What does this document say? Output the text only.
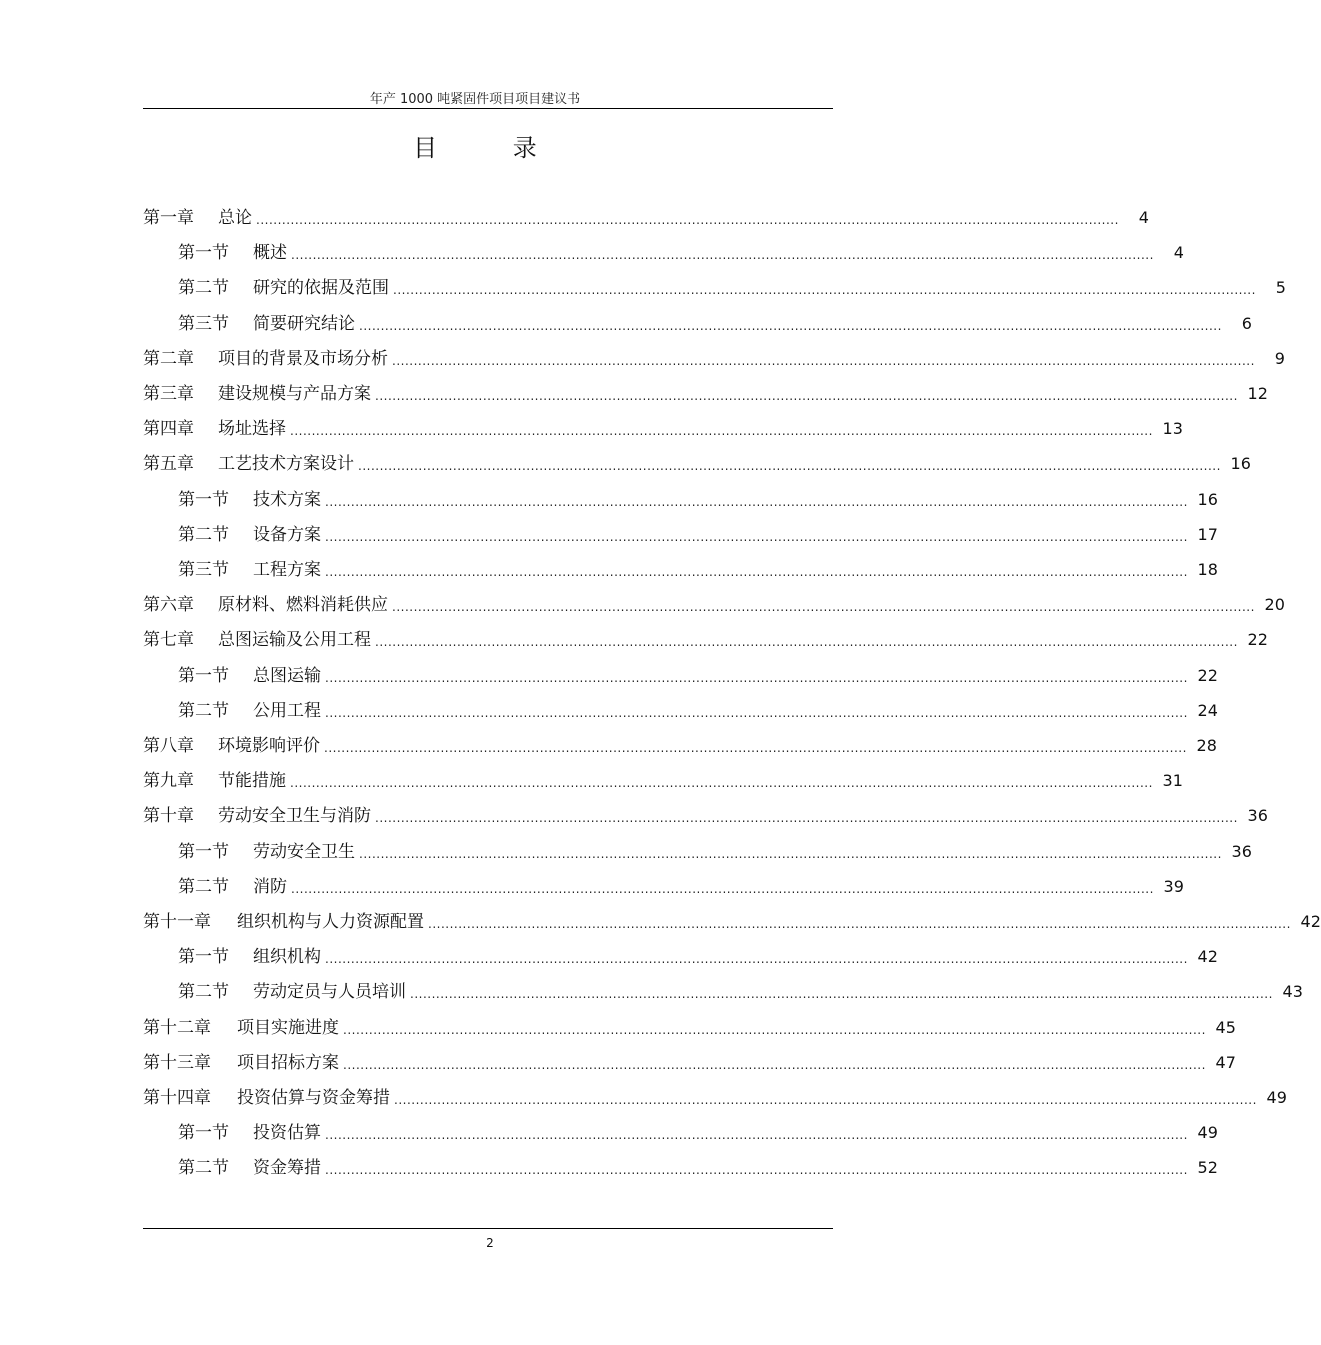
年产 1000 吨紧固件项目项目建议书
目 录
第一章 总论 ........................................................................................................................................................................................................	4
第一节 概述 ........................................................................................................................................................................................................	4
第二节 研究的依据及范围 ........................................................................................................................................................................................................	5
第三节 简要研究结论 ........................................................................................................................................................................................................	6
第二章 项目的背景及市场分析 ........................................................................................................................................................................................................	9
第三章 建设规模与产品方案 ........................................................................................................................................................................................................ 12
第四章 场址选择 ........................................................................................................................................................................................................ 13
第五章 工艺技术方案设计 ........................................................................................................................................................................................................ 16
第一节 技术方案 ........................................................................................................................................................................................................ 16
第二节 设备方案 ........................................................................................................................................................................................................ 17
第三节 工程方案 ........................................................................................................................................................................................................ 18
第六章 原材料、燃料消耗供应 ........................................................................................................................................................................................................ 20
第七章 总图运输及公用工程 ........................................................................................................................................................................................................ 22
第一节 总图运输 ........................................................................................................................................................................................................ 22
第二节 公用工程 ........................................................................................................................................................................................................ 24
第八章 环境影响评价 ........................................................................................................................................................................................................ 28
第九章 节能措施 ........................................................................................................................................................................................................ 31
第十章 劳动安全卫生与消防 ........................................................................................................................................................................................................ 36
第一节 劳动安全卫生 ........................................................................................................................................................................................................ 36
第二节 消防 ........................................................................................................................................................................................................ 39
第十一章 组织机构与人力资源配置 ........................................................................................................................................................................................................ 42
第一节 组织机构 ........................................................................................................................................................................................................ 42
第二节 劳动定员与人员培训 ........................................................................................................................................................................................................ 43
第十二章 项目实施进度 ........................................................................................................................................................................................................ 45
第十三章 项目招标方案 ........................................................................................................................................................................................................ 47
第十四章 投资估算与资金筹措 ........................................................................................................................................................................................................ 49
第一节 投资估算 ........................................................................................................................................................................................................ 49
第二节 资金筹措 ........................................................................................................................................................................................................ 52
2
